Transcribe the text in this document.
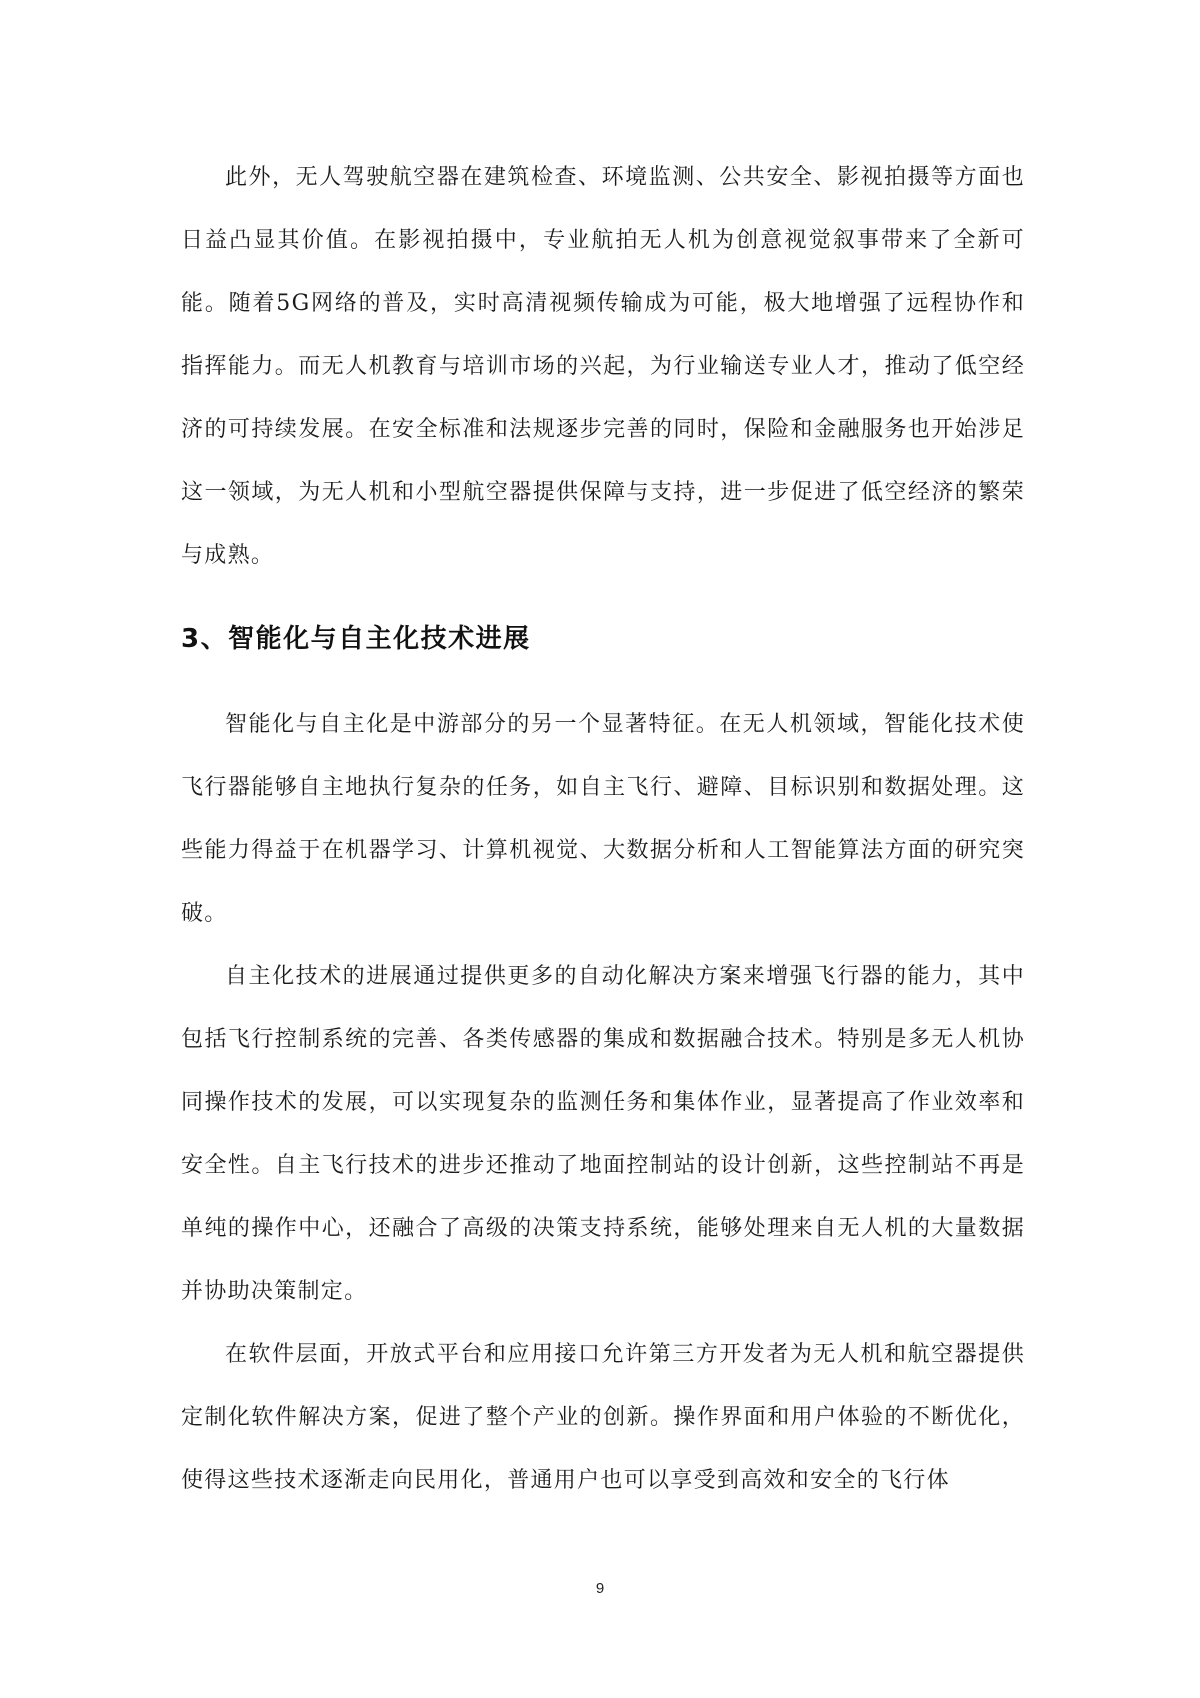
此外，无人驾驶航空器在建筑检查、环境监测、公共安全、影视拍摄等方面也日益凸显其价值。在影视拍摄中，专业航拍无人机为创意视觉叙事带来了全新可能。随着5G网络的普及，实时高清视频传输成为可能，极大地增强了远程协作和指挥能力。而无人机教育与培训市场的兴起，为行业输送专业人才，推动了低空经济的可持续发展。在安全标准和法规逐步完善的同时，保险和金融服务也开始涉足这一领域，为无人机和小型航空器提供保障与支持，进一步促进了低空经济的繁荣与成熟。

3、智能化与自主化技术进展

智能化与自主化是中游部分的另一个显著特征。在无人机领域，智能化技术使飞行器能够自主地执行复杂的任务，如自主飞行、避障、目标识别和数据处理。这些能力得益于在机器学习、计算机视觉、大数据分析和人工智能算法方面的研究突破。

自主化技术的进展通过提供更多的自动化解决方案来增强飞行器的能力，其中包括飞行控制系统的完善、各类传感器的集成和数据融合技术。特别是多无人机协同操作技术的发展，可以实现复杂的监测任务和集体作业，显著提高了作业效率和安全性。自主飞行技术的进步还推动了地面控制站的设计创新，这些控制站不再是单纯的操作中心，还融合了高级的决策支持系统，能够处理来自无人机的大量数据并协助决策制定。

在软件层面，开放式平台和应用接口允许第三方开发者为无人机和航空器提供定制化软件解决方案，促进了整个产业的创新。操作界面和用户体验的不断优化，使得这些技术逐渐走向民用化，普通用户也可以享受到高效和安全的飞行体

9
